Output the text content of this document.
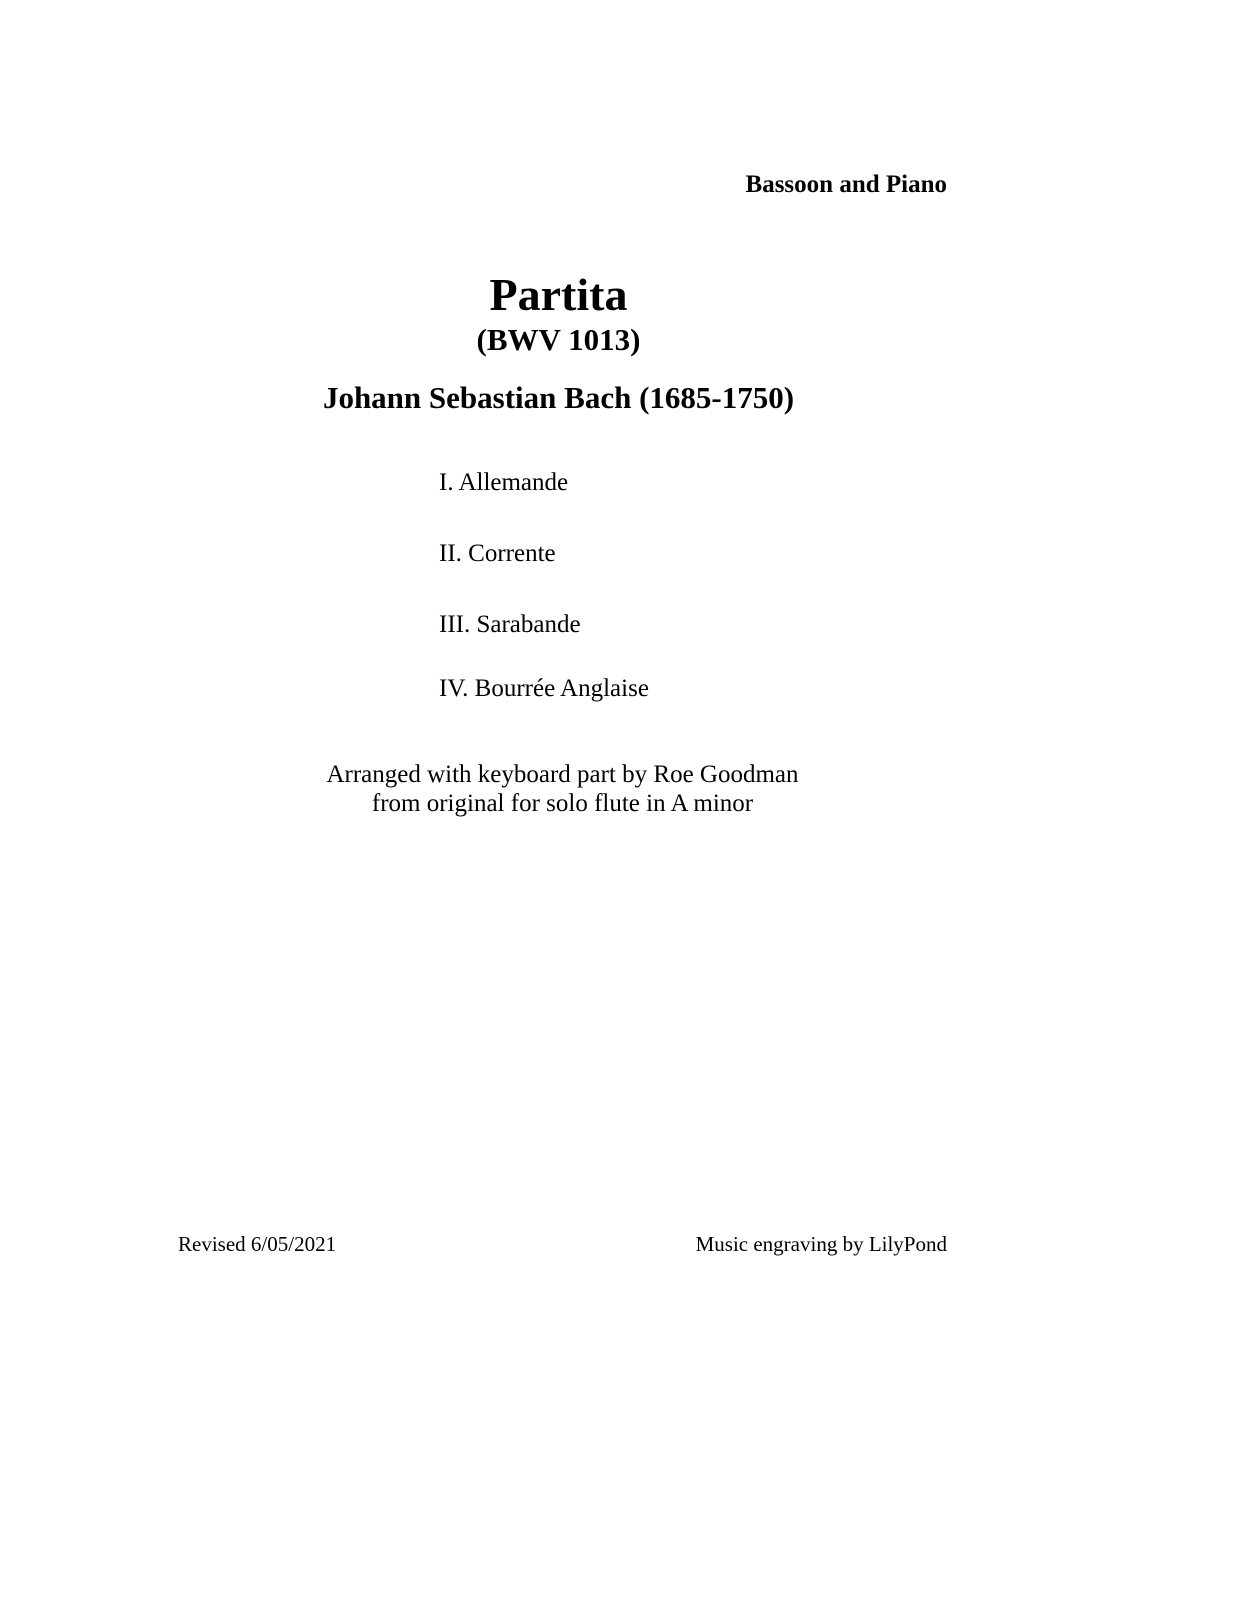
Bassoon and Piano
Partita
(BWV 1013)
Johann Sebastian Bach (1685-1750)
I. Allemande
II. Corrente
III. Sarabande
IV. Bourrée Anglaise
Arranged with keyboard part by Roe Goodman
from original for solo flute in A minor
Revised 6/05/2021	Music engraving by LilyPond
